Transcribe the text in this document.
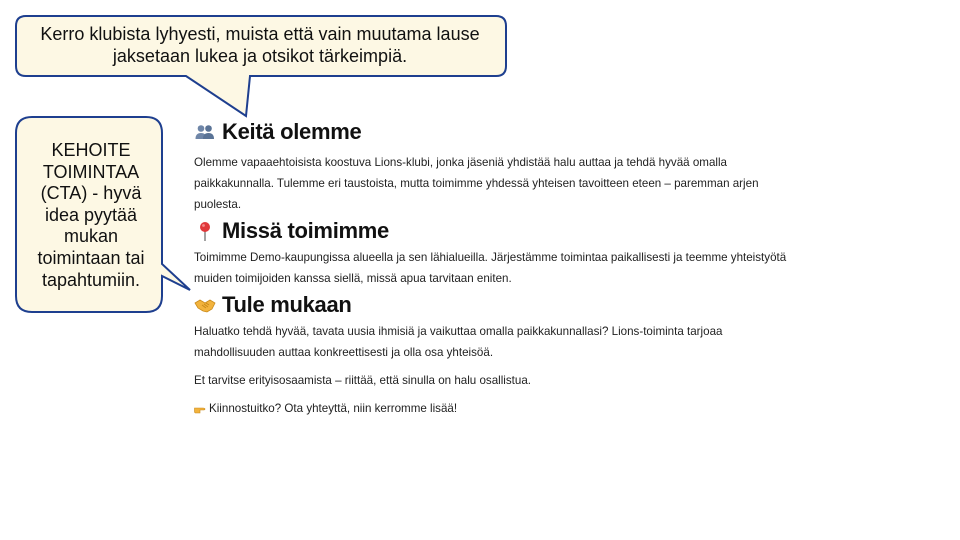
Kerro klubista lyhyesti, muista että vain muutama lause jaksetaan lukea ja otsikot tärkeimpiä.
KEHOITE TOIMINTAA (CTA) - hyvä idea pyytää mukan toimintaan tai tapahtumiin.
Keitä olemme

Olemme vapaaehtoisista koostuva Lions-klubi, jonka jäseniä yhdistää halu auttaa ja tehdä hyvää omalla paikkakunnalla. Tulemme eri taustoista, mutta toimimme yhdessä yhteisen tavoitteen eteen – paremman arjen puolesta.

Missä toimimme

Toimimme Demo-kaupungissa alueella ja sen lähialueilla. Järjestämme toimintaa paikallisesti ja teemme yhteistyötä muiden toimijoiden kanssa siellä, missä apua tarvitaan eniten.

Tule mukaan

Haluatko tehdä hyvää, tavata uusia ihmisiä ja vaikuttaa omalla paikkakunnallasi? Lions-toiminta tarjoaa mahdollisuuden auttaa konkreettisesti ja olla osa yhteisöä.

Et tarvitse erityisosaamista – riittää, että sinulla on halu osallistua.

Kiinnostuitko? Ota yhteyttä, niin kerromme lisää!
